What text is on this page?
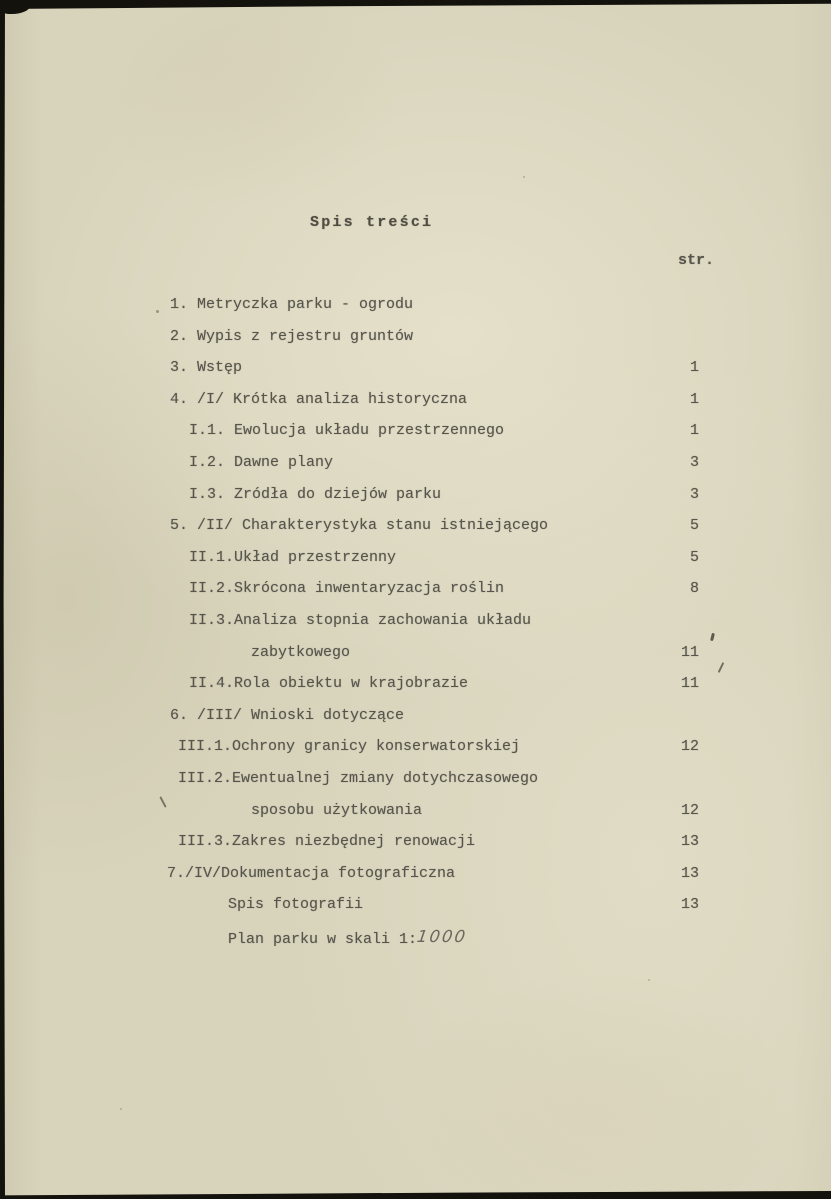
Spis treści
str.
1. Metryczka parku - ogrodu
2. Wypis z rejestru gruntów
3. Wstęp	1
4. /I/ Krótka analiza historyczna	1
I.1. Ewolucja układu przestrzennego	1
I.2. Dawne plany	3
I.3. Zródła do dziejów parku	3
5. /II/ Charakterystyka stanu istniejącego	5
II.1.Układ przestrzenny	5
II.2.Skrócona inwentaryzacja roślin	8
II.3.Analiza stopnia zachowania układu
zabytkowego	11
II.4.Rola obiektu w krajobrazie	11
6. /III/ Wnioski dotyczące
III.1.Ochrony granicy konserwatorskiej	12
III.2.Ewentualnej zmiany dotychczasowego
sposobu użytkowania	12
III.3.Zakres niezbędnej renowacji	13
7./IV/Dokumentacja fotograficzna	13
Spis fotografii	13
Plan parku w skali 1:
1000
